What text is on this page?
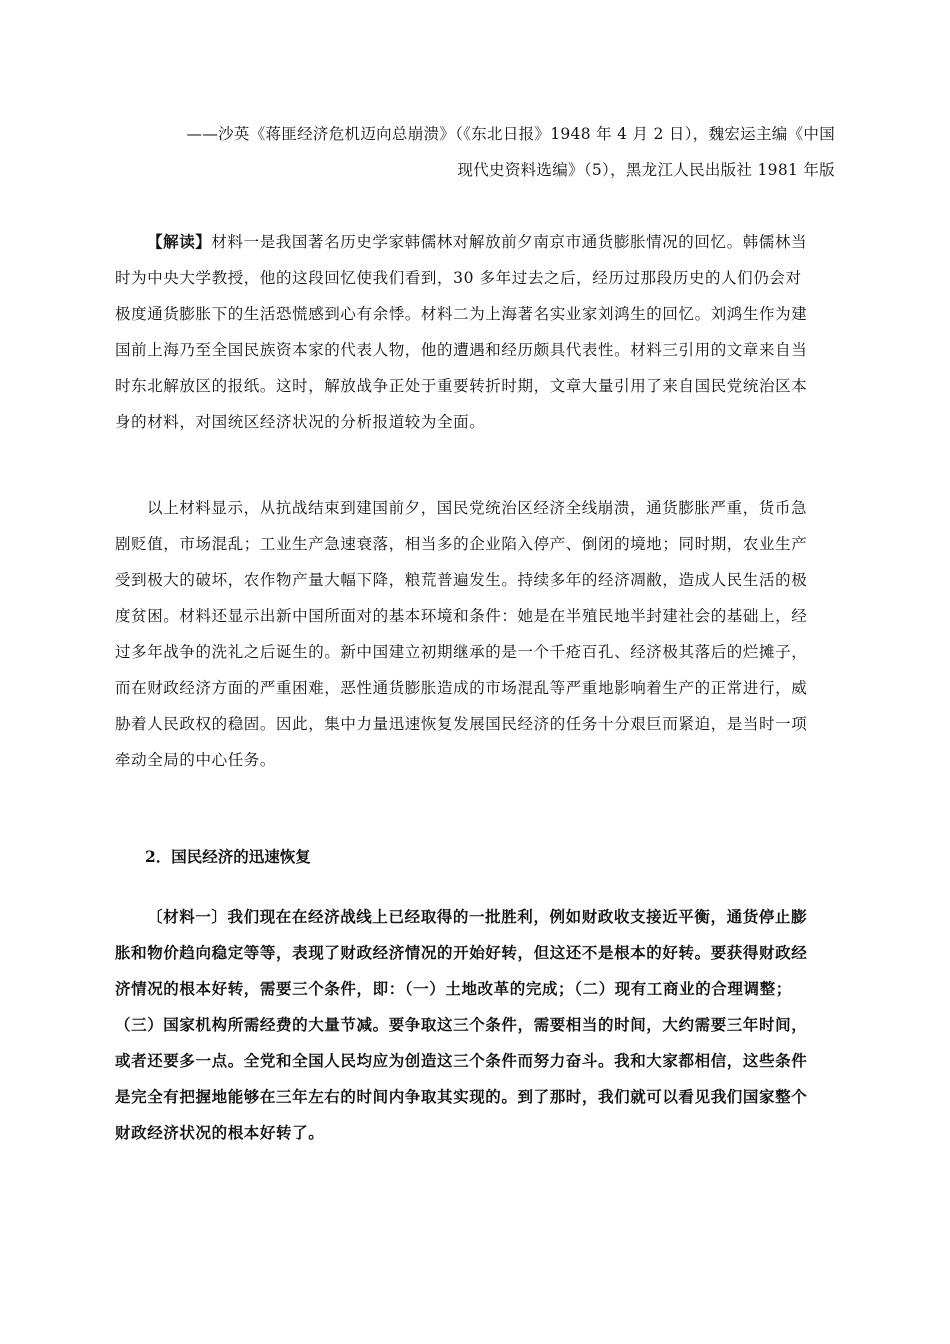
——沙英《蒋匪经济危机迈向总崩溃》（《东北日报》1948 年 4 月 2 日），魏宏运主编《中国

现代史资料选编》（5），黑龙江人民出版社 1981 年版

【解读】材料一是我国著名历史学家韩儒林对解放前夕南京市通货膨胀情况的回忆。韩儒林当
时为中央大学教授，他的这段回忆使我们看到，30 多年过去之后，经历过那段历史的人们仍会对
极度通货膨胀下的生活恐慌感到心有余悸。材料二为上海著名实业家刘鸿生的回忆。刘鸿生作为建
国前上海乃至全国民族资本家的代表人物，他的遭遇和经历颇具代表性。材料三引用的文章来自当
时东北解放区的报纸。这时，解放战争正处于重要转折时期，文章大量引用了来自国民党统治区本
身的材料，对国统区经济状况的分析报道较为全面。
以上材料显示，从抗战结束到建国前夕，国民党统治区经济全线崩溃，通货膨胀严重，货币急
剧贬值，市场混乱；工业生产急速衰落，相当多的企业陷入停产、倒闭的境地；同时期，农业生产
受到极大的破坏，农作物产量大幅下降，粮荒普遍发生。持续多年的经济凋敝，造成人民生活的极
度贫困。材料还显示出新中国所面对的基本环境和条件：她是在半殖民地半封建社会的基础上，经
过多年战争的洗礼之后诞生的。新中国建立初期继承的是一个千疮百孔、经济极其落后的烂摊子，
而在财政经济方面的严重困难，恶性通货膨胀造成的市场混乱等严重地影响着生产的正常进行，威
胁着人民政权的稳固。因此，集中力量迅速恢复发展国民经济的任务十分艰巨而紧迫，是当时一项
牵动全局的中心任务。
2．国民经济的迅速恢复
〔材料一〕我们现在在经济战线上已经取得的一批胜利，例如财政收支接近平衡，通货停止膨
胀和物价趋向稳定等等，表现了财政经济情况的开始好转，但这还不是根本的好转。要获得财政经
济情况的根本好转，需要三个条件，即：（一）土地改革的完成；（二）现有工商业的合理调整；
（三）国家机构所需经费的大量节减。要争取这三个条件，需要相当的时间，大约需要三年时间，
或者还要多一点。全党和全国人民均应为创造这三个条件而努力奋斗。我和大家都相信，这些条件
是完全有把握地能够在三年左右的时间内争取其实现的。到了那时，我们就可以看见我们国家整个
财政经济状况的根本好转了。
